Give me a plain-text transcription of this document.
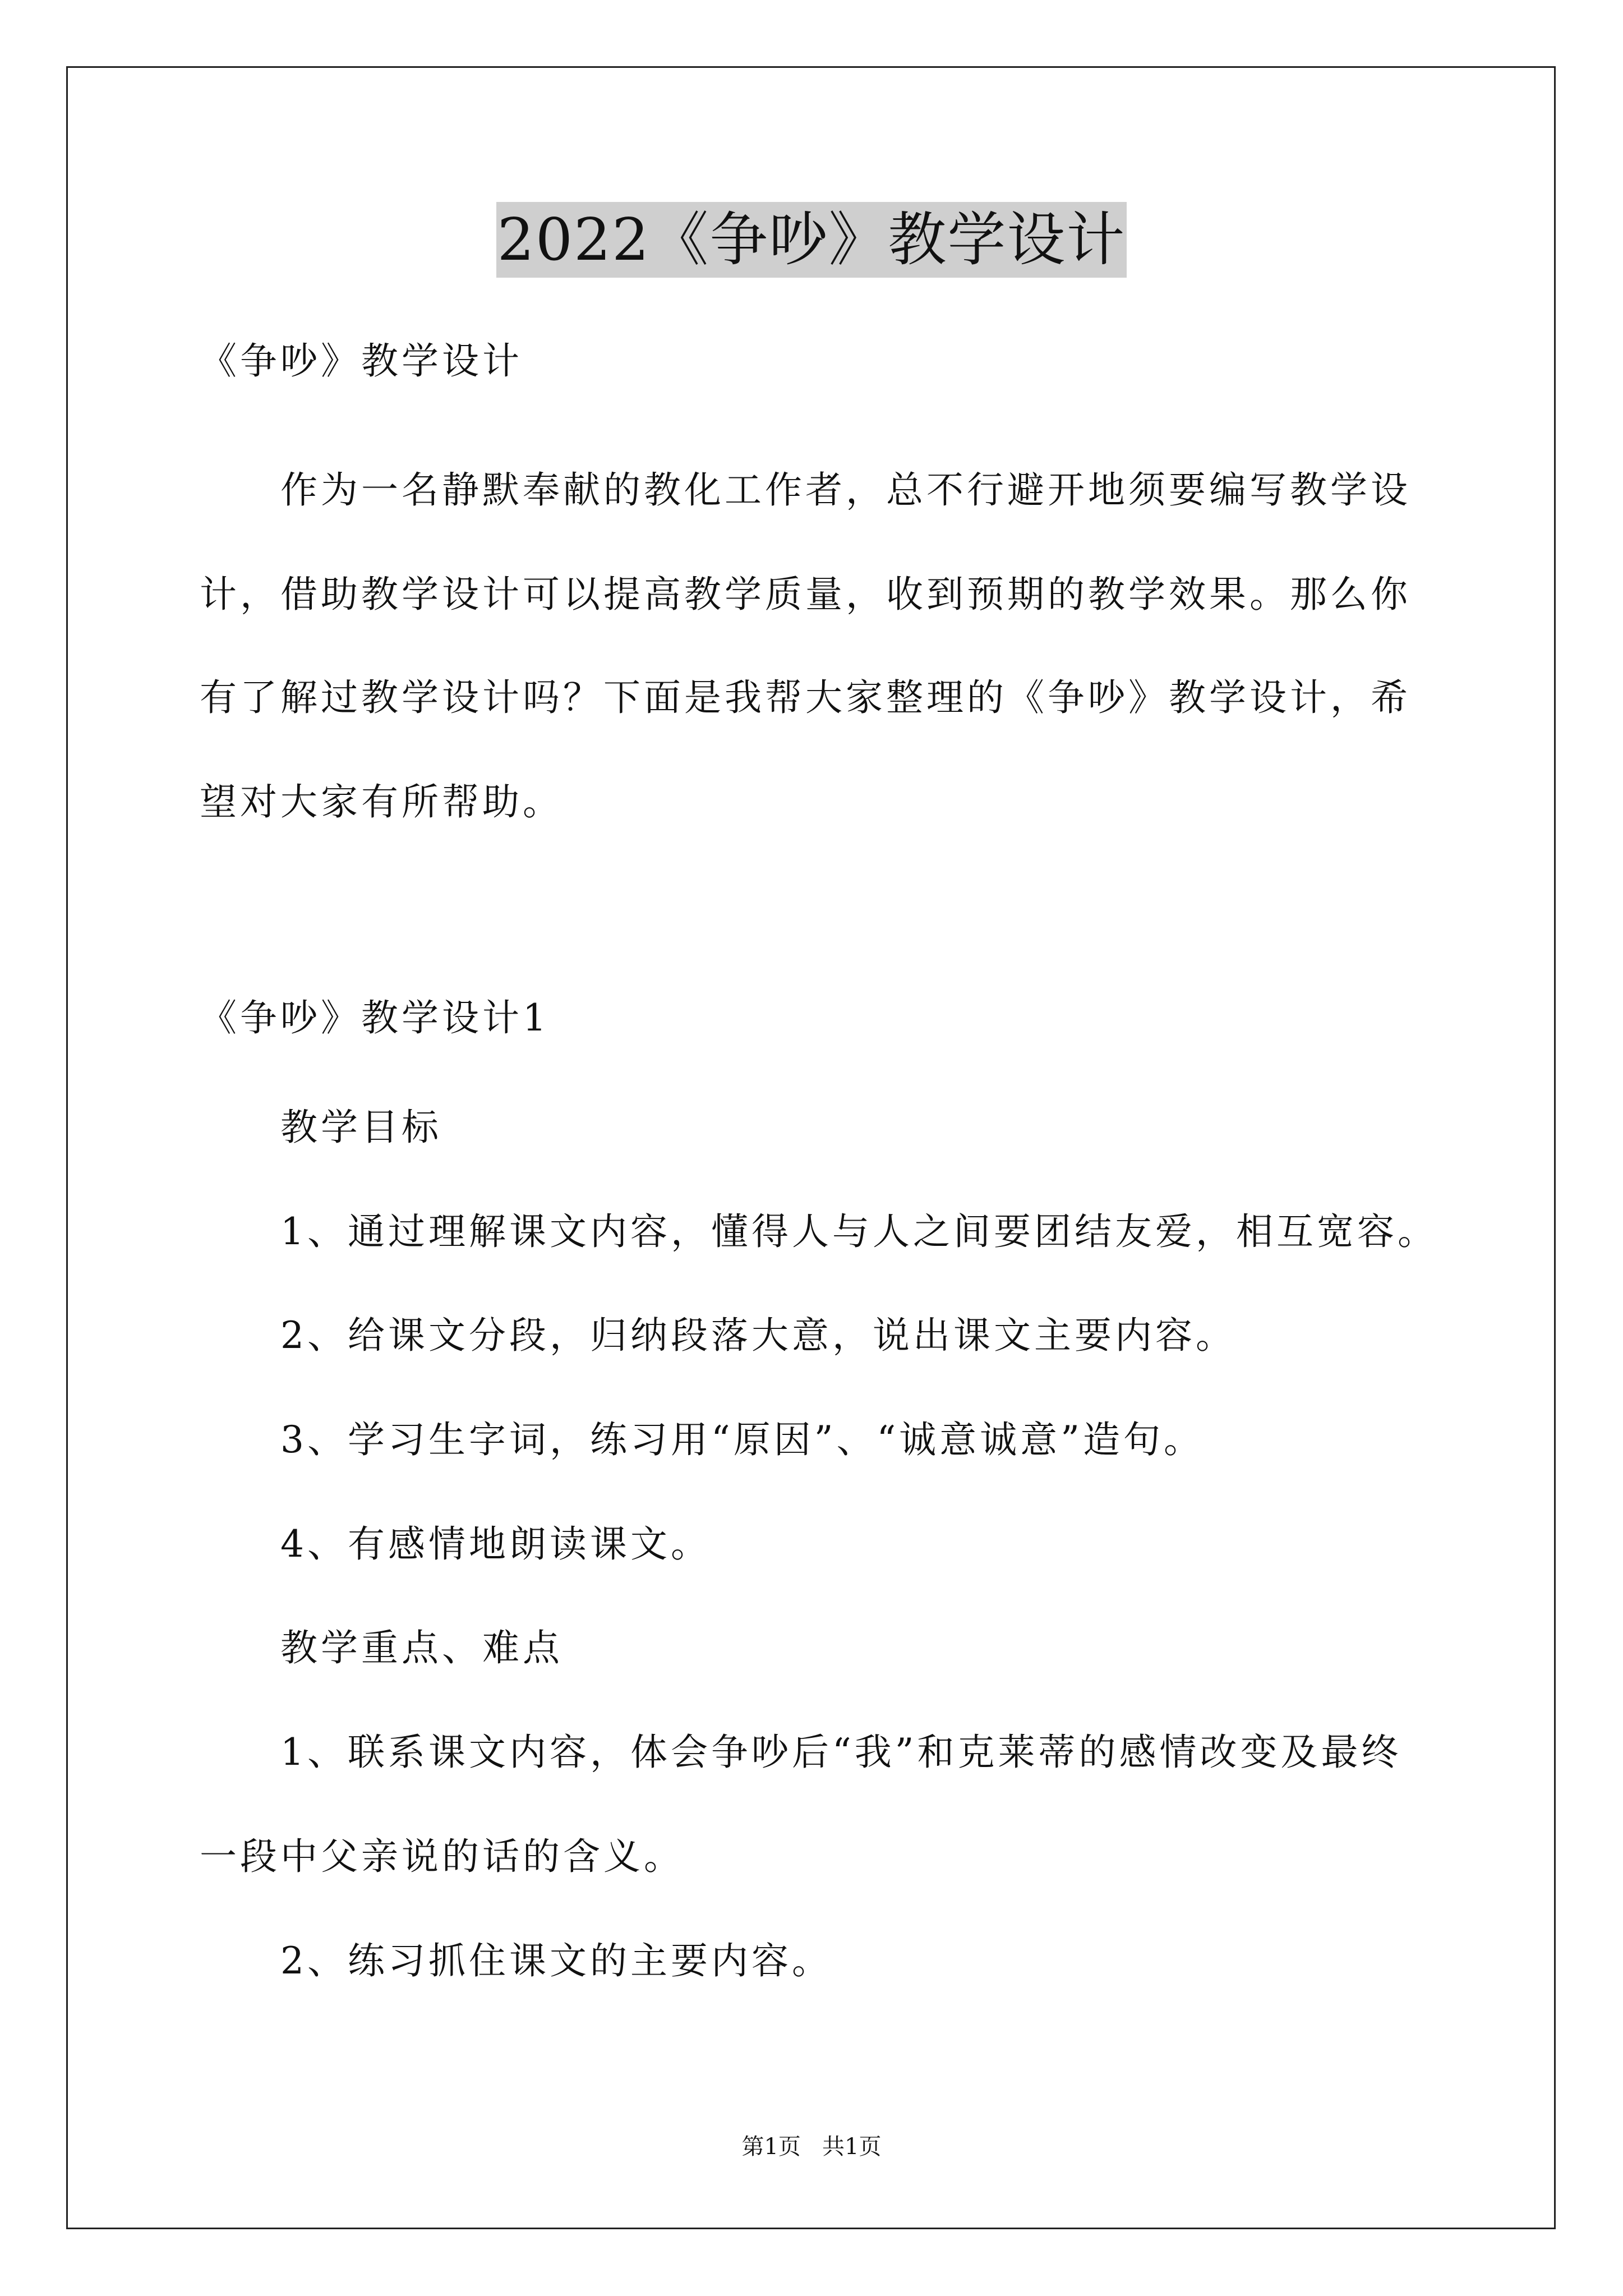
2022《争吵》教学设计
《争吵》教学设计
作为一名静默奉献的教化工作者，总不行避开地须要编写教学设
计，借助教学设计可以提高教学质量，收到预期的教学效果。那么你
有了解过教学设计吗？下面是我帮大家整理的《争吵》教学设计，希
望对大家有所帮助。
《争吵》教学设计1
教学目标
1、通过理解课文内容，懂得人与人之间要团结友爱，相互宽容。
2、给课文分段，归纳段落大意，说出课文主要内容。
3、学习生字词，练习用“原因”、“诚意诚意”造句。
4、有感情地朗读课文。
教学重点、难点
1、联系课文内容，体会争吵后“我”和克莱蒂的感情改变及最终
一段中父亲说的话的含义。
2、练习抓住课文的主要内容。
第1页   共1页
